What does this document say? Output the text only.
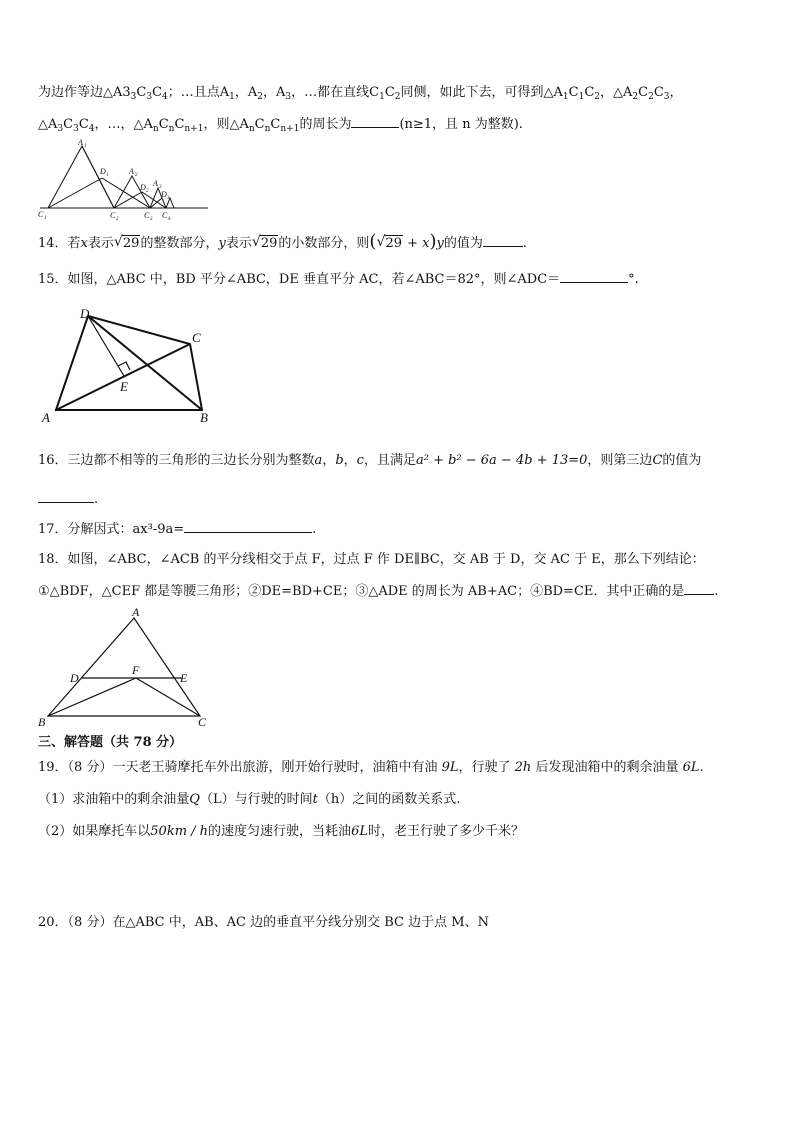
为边作等边$\triangle A3_3C_3C_4$；…且点$A_1$，$A_2$，$A_3$，…都在直线$C_1C_2$同侧，如此下去，可得到$\triangle A_1C_1C_2$，$\triangle A_2C_2C_3$，
$\triangle A_3C_3C_4$，…，$\triangle A_nC_nC_{n+1}$，则$\triangle A_nC_nC_{n+1}$的周长为	(n≥1，且 n 为整数).
A 1
D 1	A 2
D 2
A 3
D 3
C 1	C 2	C 3 C 4
14．若x表示 √ 29的整数部分，y表示 √ 29的小数部分，则( √ 29 + x)y的值为	.
15．如图，△ABC 中，BD 平分∠ABC，DE 垂直平分 AC，若∠ABC＝82°，则∠ADC＝	°.
D
C
E
A	B
16．三边都不相等的三角形的三边长分别为整数a，b，c，且满足a² + b² − 6a − 4b + 13=0，则第三边C的值为
.
17．分解因式：ax³-9a=	.
18．如图，∠ABC，∠ACB 的平分线相交于点 F，过点 F 作 DE∥BC，交 AB 于 D，交 AC 于 E，那么下列结论：
①△BDF，△CEF 都是等腰三角形；②DE=BD+CE；③△ADE 的周长为 AB+AC；④BD=CE．其中正确的是 .
A
D
F
E
B	C
三、解答题（共 78 分）
19．（8 分）一天老王骑摩托车外出旅游，刚开始行驶时，油箱中有油 9L，行驶了 2h 后发现油箱中的剩余油量 6L.
（1）求油箱中的剩余油量Q（L）与行驶的时间t（h）之间的函数关系式.
（2）如果摩托车以50km / h的速度匀速行驶，当耗油6L时，老王行驶了多少千米？
20．（8 分）在△ABC 中，AB、AC 边的垂直平分线分别交 BC 边于点 M、N
